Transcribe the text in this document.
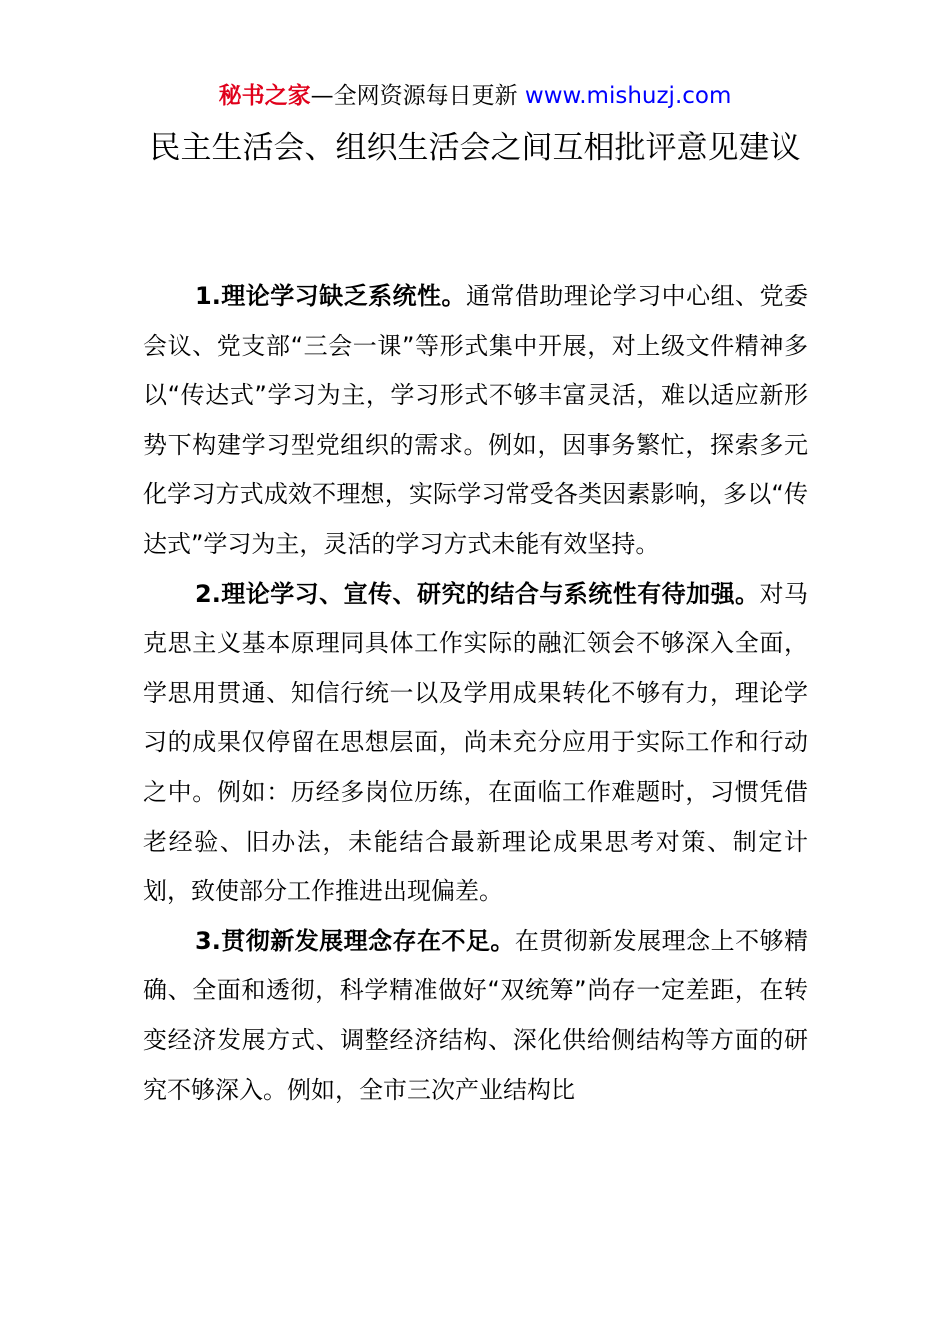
秘书之家—全网资源每日更新 www.mishuzj.com
民主生活会、组织生活会之间互相批评意见建议

1.理论学习缺乏系统性。通常借助理论学习中心组、党委会议、党支部“三会一课”等形式集中开展，对上级文件精神多以“传达式”学习为主，学习形式不够丰富灵活，难以适应新形势下构建学习型党组织的需求。例如，因事务繁忙，探索多元化学习方式成效不理想，实际学习常受各类因素影响，多以“传达式”学习为主，灵活的学习方式未能有效坚持。

2.理论学习、宣传、研究的结合与系统性有待加强。对马克思主义基本原理同具体工作实际的融汇领会不够深入全面，学思用贯通、知信行统一以及学用成果转化不够有力，理论学习的成果仅停留在思想层面，尚未充分应用于实际工作和行动之中。例如：历经多岗位历练，在面临工作难题时，习惯凭借老经验、旧办法，未能结合最新理论成果思考对策、制定计划，致使部分工作推进出现偏差。

3.贯彻新发展理念存在不足。在贯彻新发展理念上不够精确、全面和透彻，科学精准做好“双统筹”尚存一定差距，在转变经济发展方式、调整经济结构、深化供给侧结构等方面的研究不够深入。例如，全市三次产业结构比
